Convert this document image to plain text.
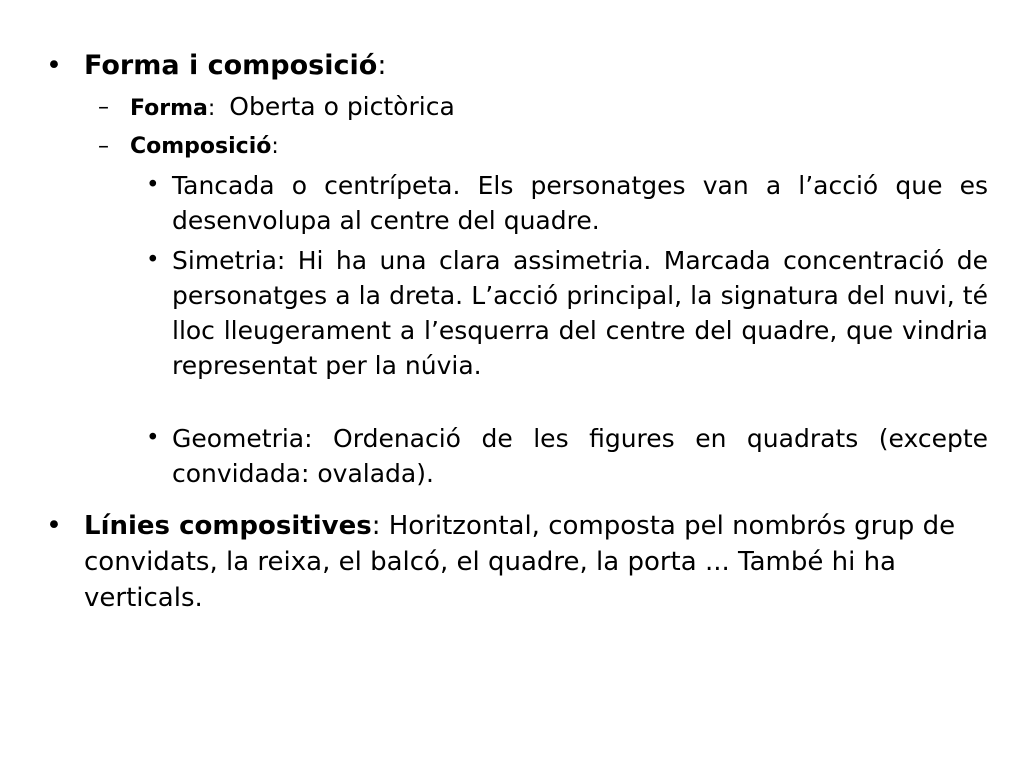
• Forma i composició:
– Forma: Oberta o pictòrica
– Composició:
• Tancada o centrípeta. Els personatges van a l’acció que es desenvolupa al centre del quadre.
• Simetria: Hi ha una clara assimetria. Marcada concentració de personatges a la dreta. L’acció principal, la signatura del nuvi, té lloc lleugerament a l’esquerra del centre del quadre, que vindria representat per la núvia.
• Geometria: Ordenació de les figures en quadrats (excepte convidada: ovalada).
• Línies compositives: Horitzontal, composta pel nombrós grup de convidats, la reixa, el balcó, el quadre, la porta ... També hi ha verticals.
